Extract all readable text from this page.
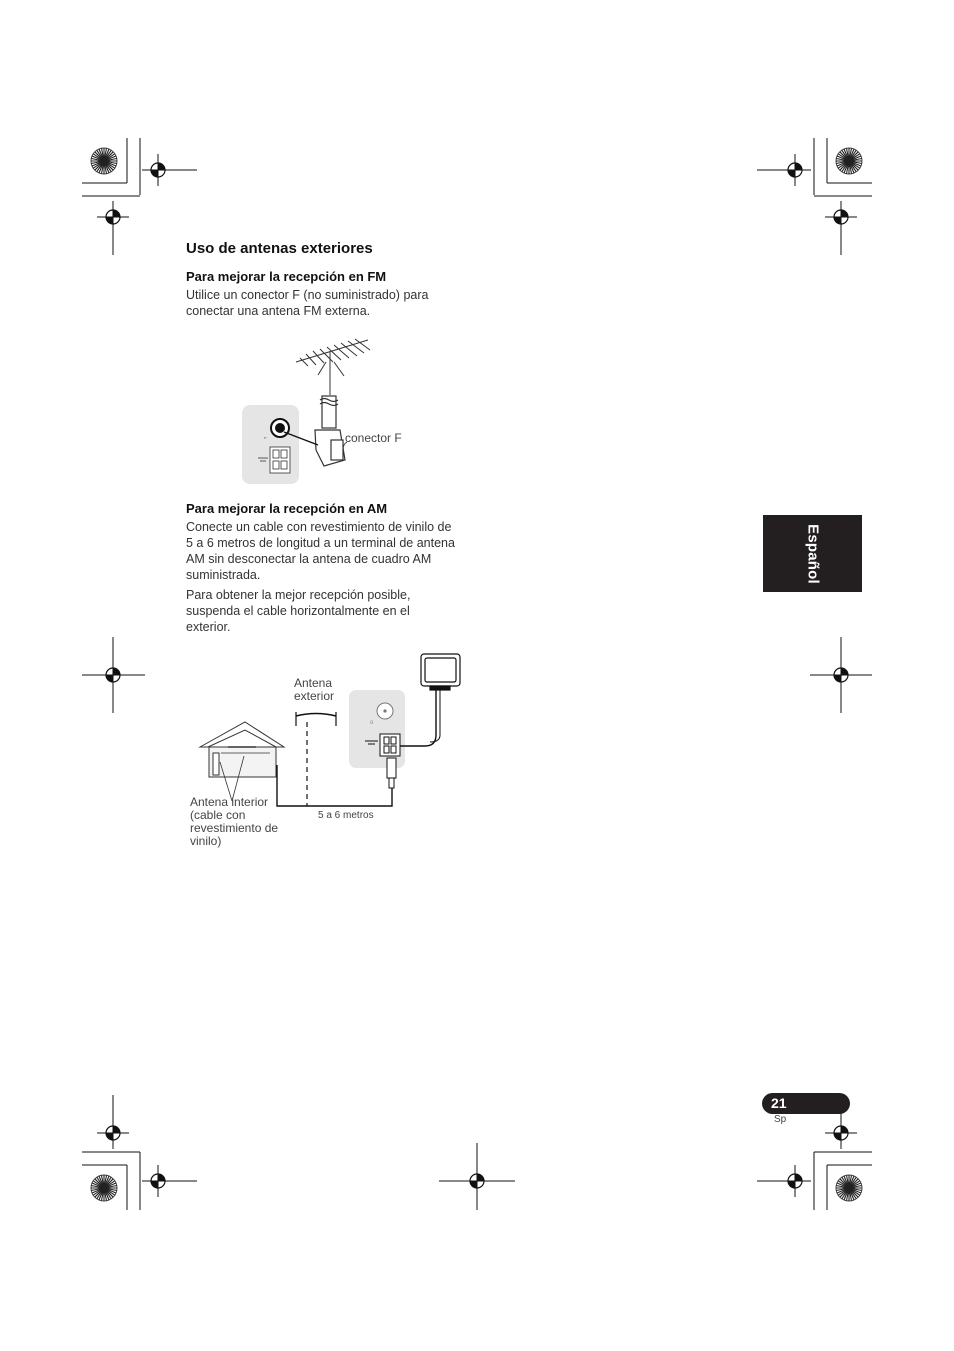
Uso de antenas exteriores
Para mejorar la recepción en FM
Utilice un conector F (no suministrado) para conectar una antena FM externa.
"	conector F
Para mejorar la recepción en AM
Conecte un cable con revestimiento de vinilo de 5 a 6 metros de longitud a un terminal de antena AM sin desconectar la antena de cuadro AM suministrada.
Para obtener la mejor recepción posible, suspenda el cable horizontalmente en el exterior.
o
Antena exterior
Antena interior (cable con revestimiento de vinilo)
5 a 6 metros
Español
21
Sp
